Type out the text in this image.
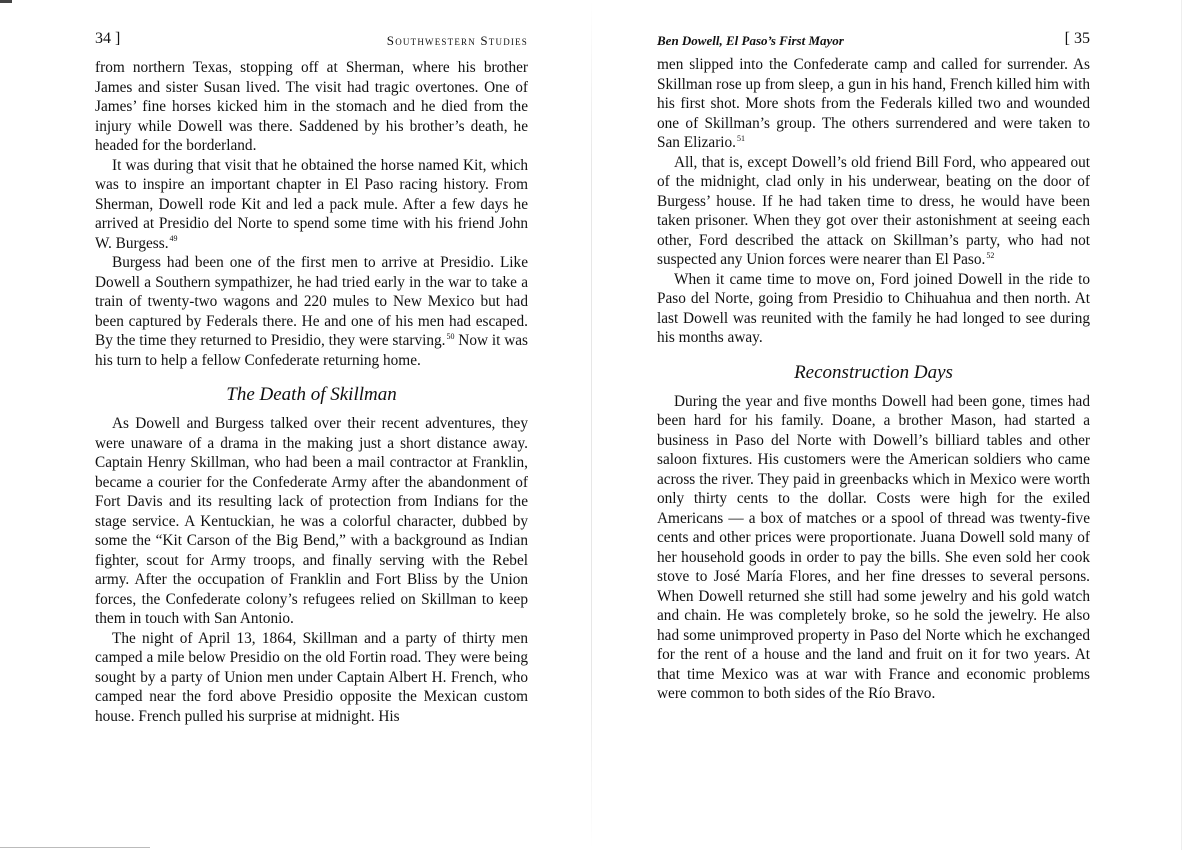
34 ]	Southwestern Studies

from northern Texas, stopping off at Sherman, where his brother James and sister Susan lived. The visit had tragic overtones. One of James’ fine horses kicked him in the stomach and he died from the injury while Dowell was there. Saddened by his brother’s death, he headed for the borderland.

It was during that visit that he obtained the horse named Kit, which was to inspire an important chapter in El Paso racing history. From Sherman, Dowell rode Kit and led a pack mule. After a few days he arrived at Presidio del Norte to spend some time with his friend John W. Burgess.$^{49}$

Burgess had been one of the first men to arrive at Presidio. Like Dowell a Southern sympathizer, he had tried early in the war to take a train of twenty-two wagons and 220 mules to New Mexico but had been captured by Federals there. He and one of his men had escaped. By the time they returned to Presidio, they were starving.$^{50}$ Now it was his turn to help a fellow Confederate returning home.

The Death of Skillman

As Dowell and Burgess talked over their recent adventures, they were unaware of a drama in the making just a short distance away. Captain Henry Skillman, who had been a mail contractor at Franklin, became a courier for the Confederate Army after the abandonment of Fort Davis and its resulting lack of protection from Indians for the stage service. A Kentuckian, he was a colorful character, dubbed by some the “Kit Carson of the Big Bend,” with a background as Indian fighter, scout for Army troops, and finally serving with the Rebel army. After the occupation of Franklin and Fort Bliss by the Union forces, the Confederate colony’s refugees relied on Skillman to keep them in touch with San Antonio.

The night of April 13, 1864, Skillman and a party of thirty men camped a mile below Presidio on the old Fortin road. They were being sought by a party of Union men under Captain Albert H. French, who camped near the ford above Presidio opposite the Mexican custom house. French pulled his surprise at midnight. His

Ben Dowell, El Paso’s First Mayor	[ 35

men slipped into the Confederate camp and called for surrender. As Skillman rose up from sleep, a gun in his hand, French killed him with his first shot. More shots from the Federals killed two and wounded one of Skillman’s group. The others surrendered and were taken to San Elizario.$^{51}$

All, that is, except Dowell’s old friend Bill Ford, who appeared out of the midnight, clad only in his underwear, beating on the door of Burgess’ house. If he had taken time to dress, he would have been taken prisoner. When they got over their astonishment at seeing each other, Ford described the attack on Skillman’s party, who had not suspected any Union forces were nearer than El Paso.$^{52}$

When it came time to move on, Ford joined Dowell in the ride to Paso del Norte, going from Presidio to Chihuahua and then north. At last Dowell was reunited with the family he had longed to see during his months away.

Reconstruction Days

During the year and five months Dowell had been gone, times had been hard for his family. Doane, a brother Mason, had started a business in Paso del Norte with Dowell’s billiard tables and other saloon fixtures. His customers were the American soldiers who came across the river. They paid in greenbacks which in Mexico were worth only thirty cents to the dollar. Costs were high for the exiled Americans — a box of matches or a spool of thread was twenty-five cents and other prices were proportionate. Juana Dowell sold many of her household goods in order to pay the bills. She even sold her cook stove to José María Flores, and her fine dresses to several persons. When Dowell returned she still had some jewelry and his gold watch and chain. He was completely broke, so he sold the jewelry. He also had some unimproved property in Paso del Norte which he exchanged for the rent of a house and the land and fruit on it for two years. At that time Mexico was at war with France and economic problems were common to both sides of the Río Bravo.
